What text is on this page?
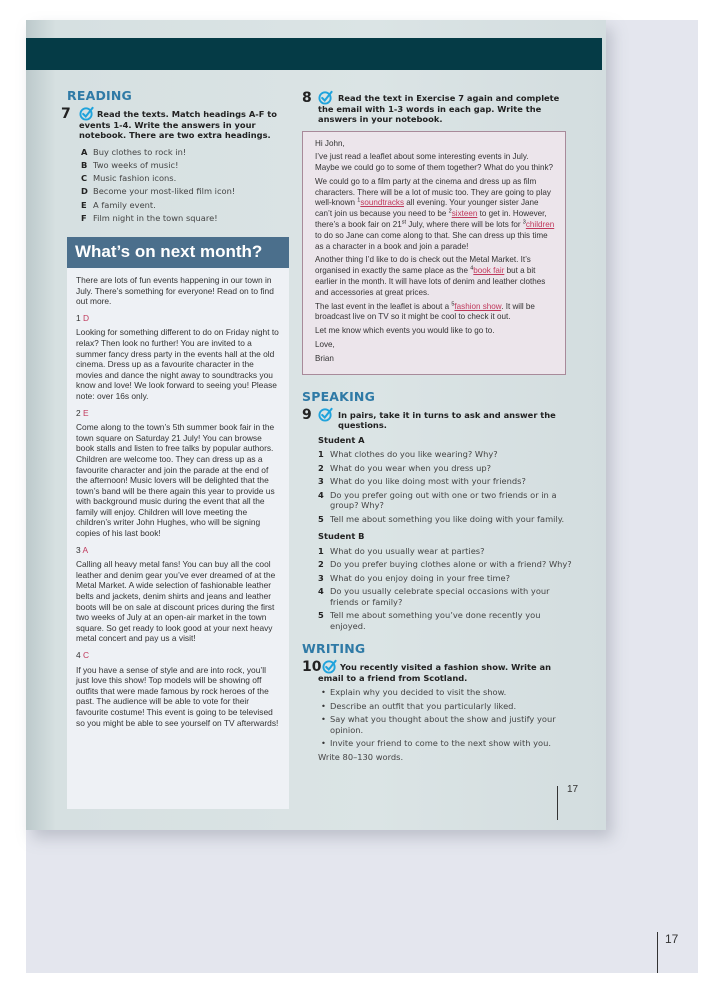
17
READING
7	Read the texts. Match headings A-F to events 1-4. Write the answers in your notebook. There are two extra headings.
A Buy clothes to rock in!
B Two weeks of music!
C Music fashion icons.
D Become your most-liked film icon!
E A family event.
F Film night in the town square!
What’s on next month?

There are lots of fun events happening in our town in July. There’s something for everyone! Read on to find out more.

1 D

Looking for something different to do on Friday night to relax? Then look no further! You are invited to a summer fancy dress party in the events hall at the old cinema. Dress up as a favourite character in the movies and dance the night away to soundtracks you know and love! We look forward to seeing you! Please note: over 16s only.

2 E

Come along to the town’s 5th summer book fair in the town square on Saturday 21 July! You can browse book stalls and listen to free talks by popular authors. Children are welcome too. They can dress up as a favourite character and join the parade at the end of the afternoon! Music lovers will be delighted that the town’s band will be there again this year to provide us with background music during the event that all the family will enjoy. Children will love meeting the children’s writer John Hughes, who will be signing copies of his last book!

3 A

Calling all heavy metal fans! You can buy all the cool leather and denim gear you’ve ever dreamed of at the Metal Market. A wide selection of fashionable leather belts and jackets, denim shirts and jeans and leather boots will be on sale at discount prices during the first two weeks of July at an open-air market in the town square. So get ready to look good at your next heavy metal concert and pay us a visit!

4 C

If you have a sense of style and are into rock, you’ll just love this show! Top models will be showing off outfits that were made famous by rock heroes of the past. The audience will be able to vote for their favourite costume! This event is going to be televised so you might be able to see yourself on TV afterwards!

8	Read the text in Exercise 7 again and complete the email with 1-3 words in each gap. Write the answers in your notebook.

Hi John,

I’ve just read a leaflet about some interesting events in July. Maybe we could go to some of them together? What do you think?

We could go to a film party at the cinema and dress up as film characters. There will be a lot of music too. They are going to play well-known $^1$soundtracks all evening. Your younger sister Jane can’t join us because you need to be $^2$sixteen to get in. However, there’s a book fair on 21st July, where there will be lots for $^3$children to do so Jane can come along to that. She can dress up this time as a character in a book and join a parade!

Another thing I’d like to do is check out the Metal Market. It’s organised in exactly the same place as the $^4$book fair but a bit earlier in the month. It will have lots of denim and leather clothes and accessories at great prices.

The last event in the leaflet is about a $^5$fashion show. It will be broadcast live on TV so it might be cool to check it out.

Let me know which events you would like to go to.

Love,

Brian

SPEAKING
9	In pairs, take it in turns to ask and answer the questions.
Student A
1 What clothes do you like wearing? Why?
2 What do you wear when you dress up?
3 What do you like doing most with your friends?
4 Do you prefer going out with one or two friends or in a group? Why?
5 Tell me about something you like doing with your family.
Student B
1 What do you usually wear at parties?
2 Do you prefer buying clothes alone or with a friend? Why?
3 What do you enjoy doing in your free time?
4 Do you usually celebrate special occasions with your friends or family?
5 Tell me about something you’ve done recently you enjoyed.
WRITING
10	You recently visited a fashion show. Write an email to a friend from Scotland.
• Explain why you decided to visit the show.
• Describe an outfit that you particularly liked.
• Say what you thought about the show and justify your opinion.
• Invite your friend to come to the next show with you.
Write 80–130 words.
17
